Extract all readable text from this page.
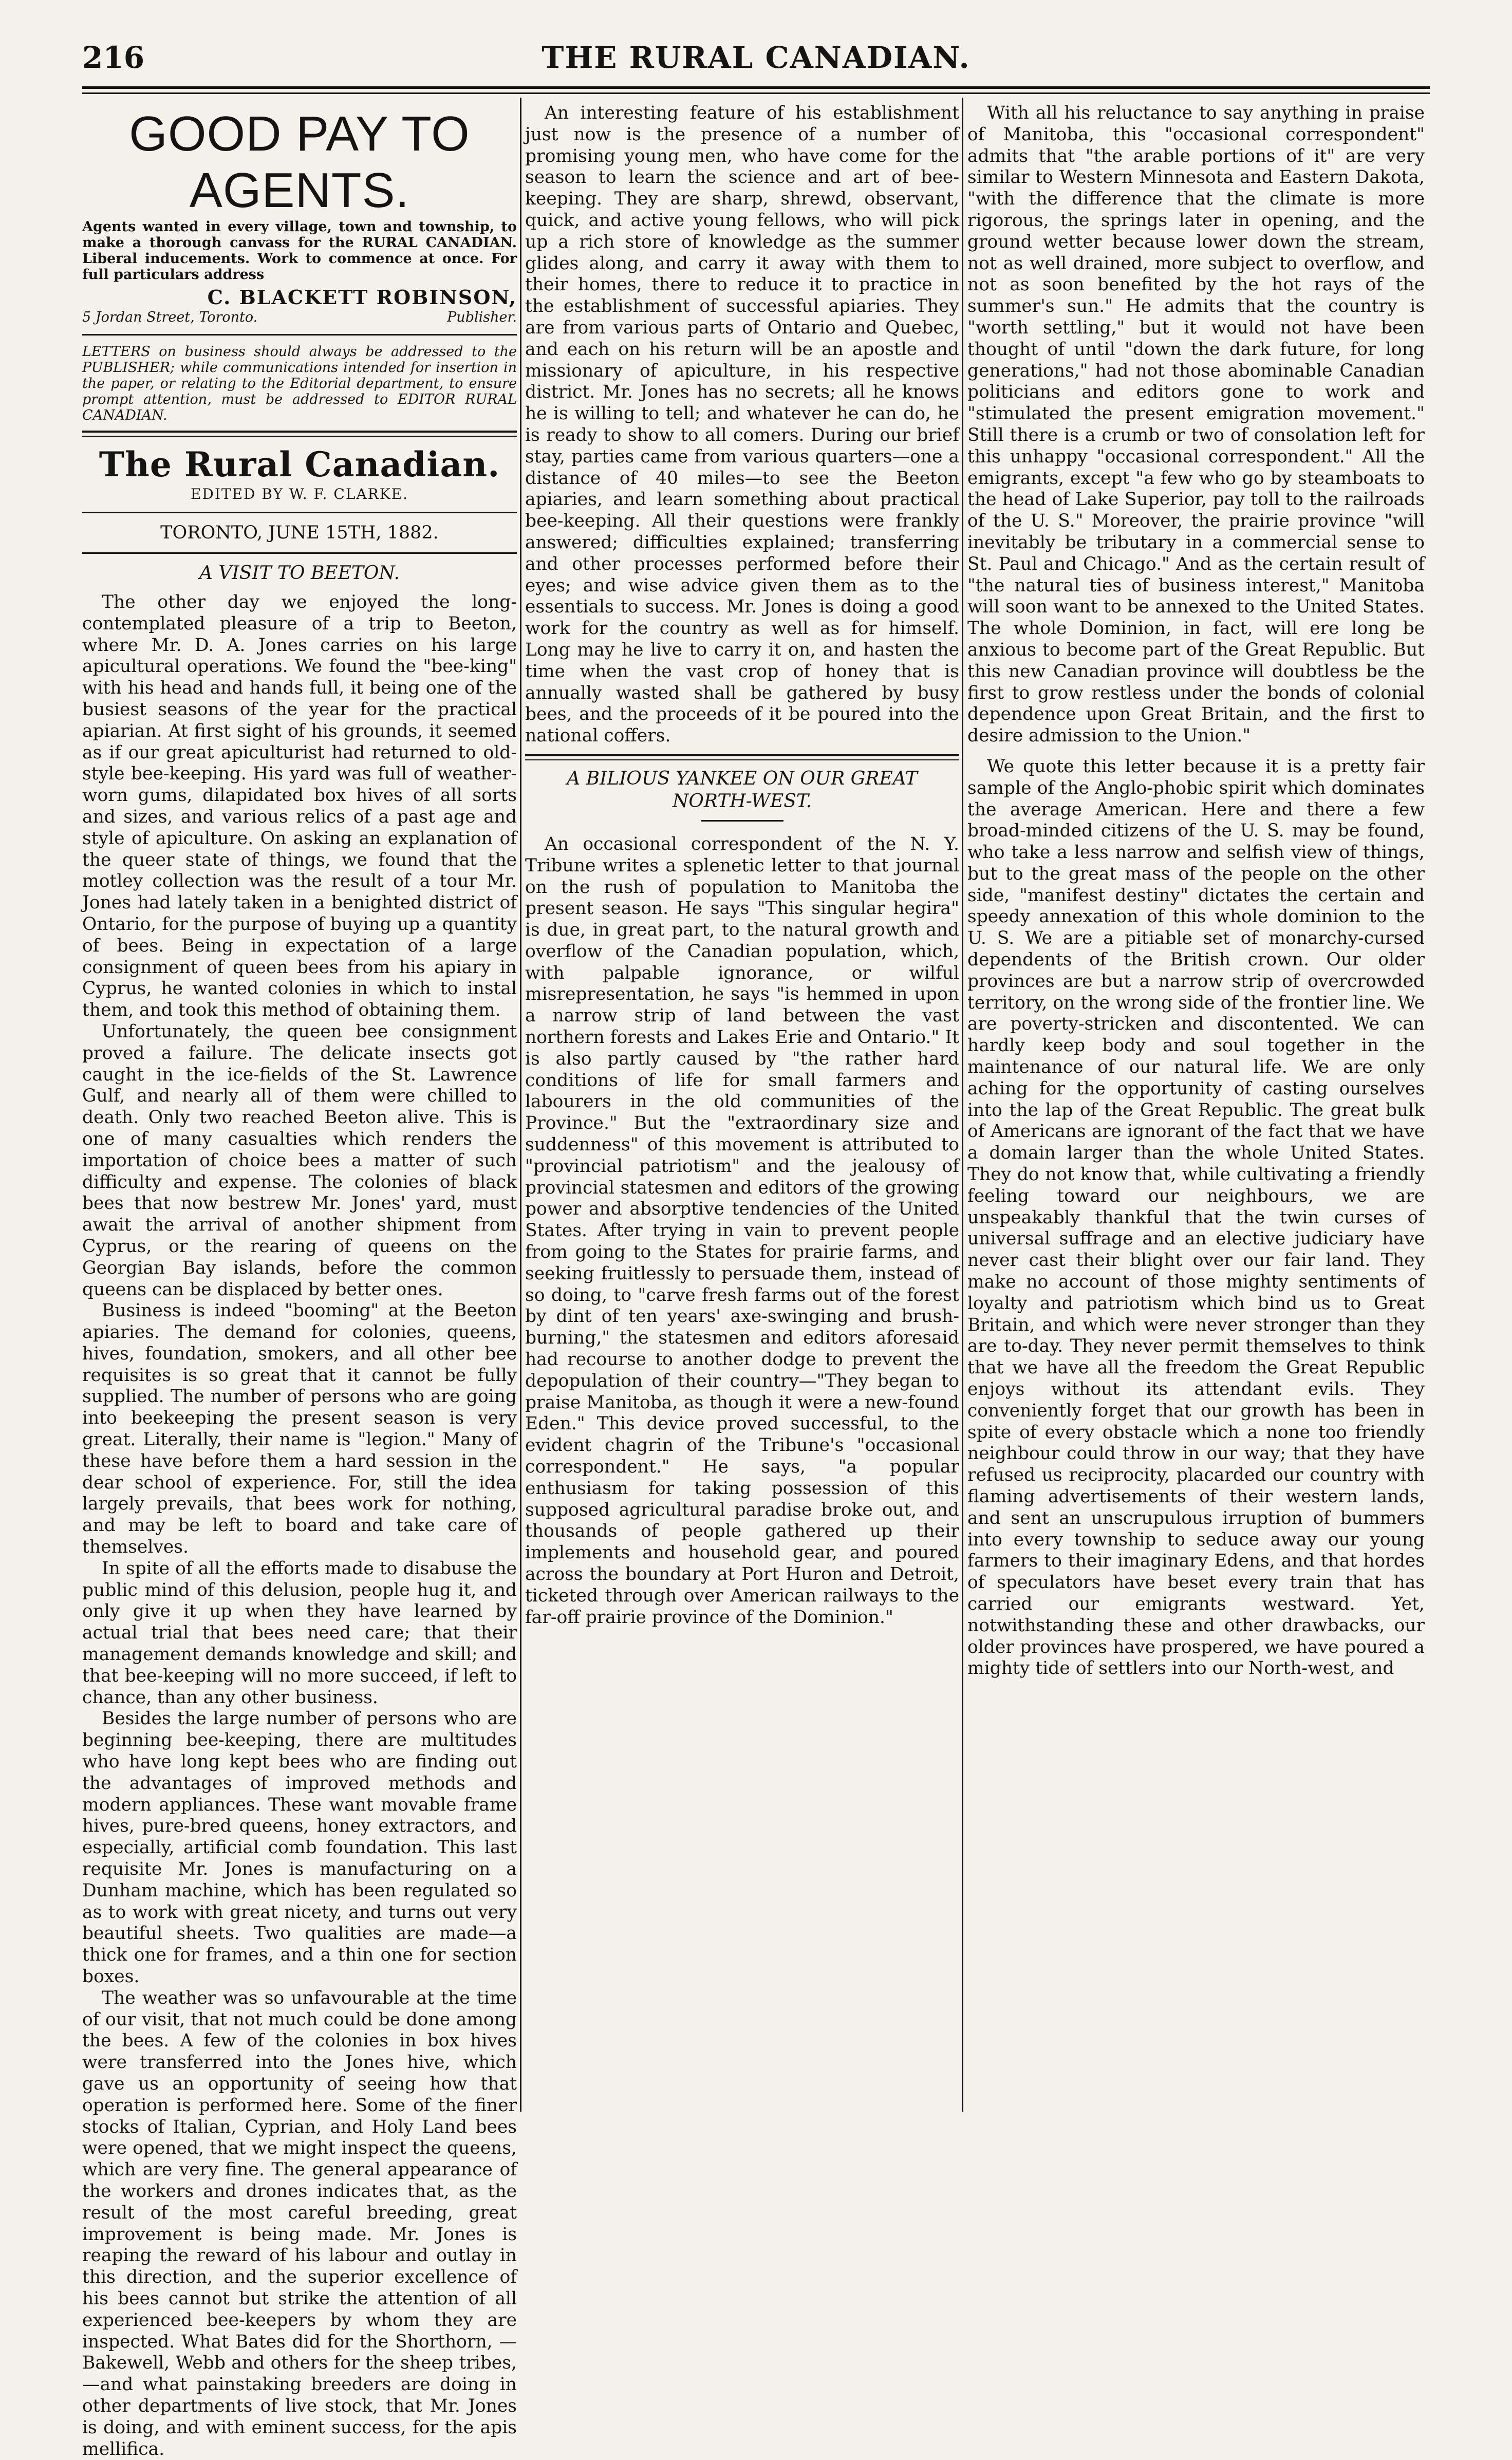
216	THE RURAL CANADIAN.
GOOD PAY TO AGENTS.

Agents wanted in every village, town and township, to make a thorough canvass for the RURAL CANADIAN. Liberal inducements. Work to commence at once. For full particulars address

C. BLACKETT ROBINSON,
5 Jordan Street, Toronto.	Publisher.

LETTERS on business should always be addressed to the PUBLISHER; while communications intended for insertion in the paper, or relating to the Editorial department, to ensure prompt attention, must be addressed to EDITOR RURAL CANADIAN.

The Rural Canadian.
EDITED BY W. F. CLARKE.
TORONTO, JUNE 15TH, 1882.
A VISIT TO BEETON.

The other day we enjoyed the long-contemplated pleasure of a trip to Beeton, where Mr. D. A. Jones carries on his large apicultural operations. We found the "bee-king" with his head and hands full, it being one of the busiest seasons of the year for the practical apiarian. At first sight of his grounds, it seemed as if our great apiculturist had returned to old-style bee-keeping. His yard was full of weather-worn gums, dilapidated box hives of all sorts and sizes, and various relics of a past age and style of apiculture. On asking an explanation of the queer state of things, we found that the motley collection was the result of a tour Mr. Jones had lately taken in a benighted district of Ontario, for the purpose of buying up a quantity of bees. Being in expectation of a large consignment of queen bees from his apiary in Cyprus, he wanted colonies in which to instal them, and took this method of obtaining them.

Unfortunately, the queen bee consignment proved a failure. The delicate insects got caught in the ice-fields of the St. Lawrence Gulf, and nearly all of them were chilled to death. Only two reached Beeton alive. This is one of many casualties which renders the importation of choice bees a matter of such difficulty and expense. The colonies of black bees that now bestrew Mr. Jones' yard, must await the arrival of another shipment from Cyprus, or the rearing of queens on the Georgian Bay islands, before the common queens can be displaced by better ones.

Business is indeed "booming" at the Beeton apiaries. The demand for colonies, queens, hives, foundation, smokers, and all other bee requisites is so great that it cannot be fully supplied. The number of persons who are going into beekeeping the present season is very great. Literally, their name is "legion." Many of these have before them a hard session in the dear school of experience. For, still the idea largely prevails, that bees work for nothing, and may be left to board and take care of themselves.

In spite of all the efforts made to disabuse the public mind of this delusion, people hug it, and only give it up when they have learned by actual trial that bees need care; that their management demands knowledge and skill; and that bee-keeping will no more succeed, if left to chance, than any other business.

Besides the large number of persons who are beginning bee-keeping, there are multitudes who have long kept bees who are finding out the advantages of improved methods and modern appliances. These want movable frame hives, pure-bred queens, honey extractors, and especially, artificial comb foundation. This last requisite Mr. Jones is manufacturing on a Dunham machine, which has been regulated so as to work with great nicety, and turns out very beautiful sheets. Two qualities are made—a thick one for frames, and a thin one for section boxes.

The weather was so unfavourable at the time of our visit, that not much could be done among the bees. A few of the colonies in box hives were transferred into the Jones hive, which gave us an opportunity of seeing how that operation is performed here. Some of the finer stocks of Italian, Cyprian, and Holy Land bees were opened, that we might inspect the queens, which are very fine. The general appearance of the workers and drones indicates that, as the result of the most careful breeding, great improvement is being made. Mr. Jones is reaping the reward of his labour and outlay in this direction, and the superior excellence of his bees cannot but strike the attention of all experienced bee-keepers by whom they are inspected. What Bates did for the Shorthorn, —Bakewell, Webb and others for the sheep tribes,—and what painstaking breeders are doing in other departments of live stock, that Mr. Jones is doing, and with eminent success, for the apis mellifica.

An interesting feature of his establishment just now is the presence of a number of promising young men, who have come for the season to learn the science and art of bee-keeping. They are sharp, shrewd, observant, quick, and active young fellows, who will pick up a rich store of knowledge as the summer glides along, and carry it away with them to their homes, there to reduce it to practice in the establishment of successful apiaries. They are from various parts of Ontario and Quebec, and each on his return will be an apostle and missionary of apiculture, in his respective district. Mr. Jones has no secrets; all he knows he is willing to tell; and whatever he can do, he is ready to show to all comers. During our brief stay, parties came from various quarters—one a distance of 40 miles—to see the Beeton apiaries, and learn something about practical bee-keeping. All their questions were frankly answered; difficulties explained; transferring and other processes performed before their eyes; and wise advice given them as to the essentials to success. Mr. Jones is doing a good work for the country as well as for himself. Long may he live to carry it on, and hasten the time when the vast crop of honey that is annually wasted shall be gathered by busy bees, and the proceeds of it be poured into the national coffers.

A BILIOUS YANKEE ON OUR GREAT NORTH-WEST.

An occasional correspondent of the N. Y. Tribune writes a splenetic letter to that journal on the rush of population to Manitoba the present season. He says "This singular hegira" is due, in great part, to the natural growth and overflow of the Canadian population, which, with palpable ignorance, or wilful misrepresentation, he says "is hemmed in upon a narrow strip of land between the vast northern forests and Lakes Erie and Ontario." It is also partly caused by "the rather hard conditions of life for small farmers and labourers in the old communities of the Province." But the "extraordinary size and suddenness" of this movement is attributed to "provincial patriotism" and the jealousy of provincial statesmen and editors of the growing power and absorptive tendencies of the United States. After trying in vain to prevent people from going to the States for prairie farms, and seeking fruitlessly to persuade them, instead of so doing, to "carve fresh farms out of the forest by dint of ten years' axe-swinging and brush-burning," the statesmen and editors aforesaid had recourse to another dodge to prevent the depopulation of their country—"They began to praise Manitoba, as though it were a new-found Eden." This device proved successful, to the evident chagrin of the Tribune's "occasional correspondent." He says, "a popular enthusiasm for taking possession of this supposed agricultural paradise broke out, and thousands of people gathered up their implements and household gear, and poured across the boundary at Port Huron and Detroit, ticketed through over American railways to the far-off prairie province of the Dominion."

With all his reluctance to say anything in praise of Manitoba, this "occasional correspondent" admits that "the arable portions of it" are very similar to Western Minnesota and Eastern Dakota, "with the difference that the climate is more rigorous, the springs later in opening, and the ground wetter because lower down the stream, not as well drained, more subject to overflow, and not as soon benefited by the hot rays of the summer's sun." He admits that the country is "worth settling," but it would not have been thought of until "down the dark future, for long generations," had not those abominable Canadian politicians and editors gone to work and "stimulated the present emigration movement." Still there is a crumb or two of consolation left for this unhappy "occasional correspondent." All the emigrants, except "a few who go by steamboats to the head of Lake Superior, pay toll to the railroads of the U. S." Moreover, the prairie province "will inevitably be tributary in a commercial sense to St. Paul and Chicago." And as the certain result of "the natural ties of business interest," Manitoba will soon want to be annexed to the United States. The whole Dominion, in fact, will ere long be anxious to become part of the Great Republic. But this new Canadian province will doubtless be the first to grow restless under the bonds of colonial dependence upon Great Britain, and the first to desire admission to the Union."

We quote this letter because it is a pretty fair sample of the Anglo-phobic spirit which dominates the average American. Here and there a few broad-minded citizens of the U. S. may be found, who take a less narrow and selfish view of things, but to the great mass of the people on the other side, "manifest destiny" dictates the certain and speedy annexation of this whole dominion to the U. S. We are a pitiable set of monarchy-cursed dependents of the British crown. Our older provinces are but a narrow strip of overcrowded territory, on the wrong side of the frontier line. We are poverty-stricken and discontented. We can hardly keep body and soul together in the maintenance of our natural life. We are only aching for the opportunity of casting ourselves into the lap of the Great Republic. The great bulk of Americans are ignorant of the fact that we have a domain larger than the whole United States. They do not know that, while cultivating a friendly feeling toward our neighbours, we are unspeakably thankful that the twin curses of universal suffrage and an elective judiciary have never cast their blight over our fair land. They make no account of those mighty sentiments of loyalty and patriotism which bind us to Great Britain, and which were never stronger than they are to-day. They never permit themselves to think that we have all the freedom the Great Republic enjoys without its attendant evils. They conveniently forget that our growth has been in spite of every obstacle which a none too friendly neighbour could throw in our way; that they have refused us reciprocity, placarded our country with flaming advertisements of their western lands, and sent an unscrupulous irruption of bummers into every township to seduce away our young farmers to their imaginary Edens, and that hordes of speculators have beset every train that has carried our emigrants westward. Yet, notwithstanding these and other drawbacks, our older provinces have prospered, we have poured a mighty tide of settlers into our North-west, and
